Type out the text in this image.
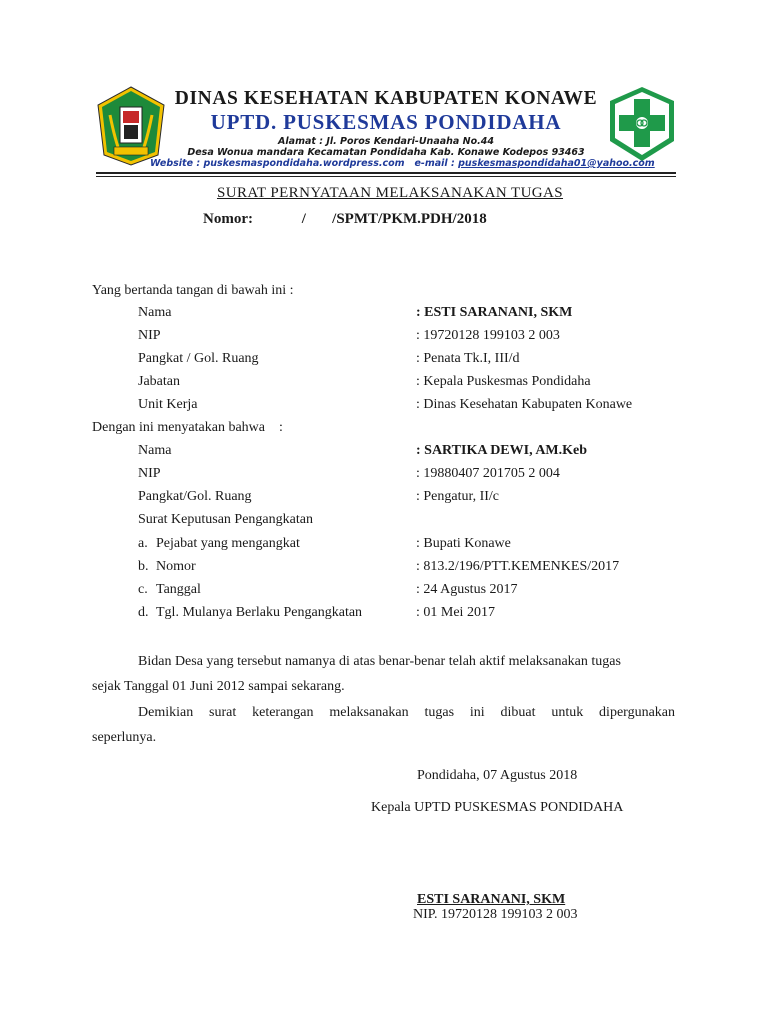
DINAS KESEHATAN KABUPATEN KONAWE
UPTD. PUSKESMAS PONDIDAHA
Alamat : Jl. Poros Kendari-Unaaha No.44
Desa Wonua mandara Kecamatan Pondidaha Kab. Konawe Kodepos 93463
Website : puskesmaspondidaha.wordpress.com e-mail : puskesmaspondidaha01@yahoo.com
SURAT PERNYATAAN MELAKSANAKAN TUGAS
Nomor:             /       /SPMT/PKM.PDH/2018
Yang bertanda tangan di bawah ini :
Nama	: ESTI SARANANI, SKM
NIP	: 19720128 199103 2 003
Pangkat / Gol. Ruang	: Penata Tk.I, III/d
Jabatan	: Kepala Puskesmas Pondidaha
Unit Kerja	: Dinas Kesehatan Kabupaten Konawe
Dengan ini menyatakan bahwa    :
Nama	: SARTIKA DEWI, AM.Keb
NIP	: 19880407 201705 2 004
Pangkat/Gol. Ruang	: Pengatur, II/c
Surat Keputusan Pengangkatan
a. Pejabat yang mengangkat	: Bupati Konawe
b. Nomor	: 813.2/196/PTT.KEMENKES/2017
c. Tanggal	: 24 Agustus 2017
d. Tgl. Mulanya Berlaku Pengangkatan	: 01 Mei 2017
Bidan Desa yang tersebut namanya di atas benar-benar telah aktif melaksanakan tugas
sejak Tanggal 01 Juni 2012 sampai sekarang.
Demikian surat keterangan melaksanakan tugas ini dibuat untuk dipergunakan
seperlunya.
Pondidaha, 07 Agustus 2018
Kepala UPTD PUSKESMAS PONDIDAHA
ESTI SARANANI, SKM
NIP. 19720128 199103 2 003
